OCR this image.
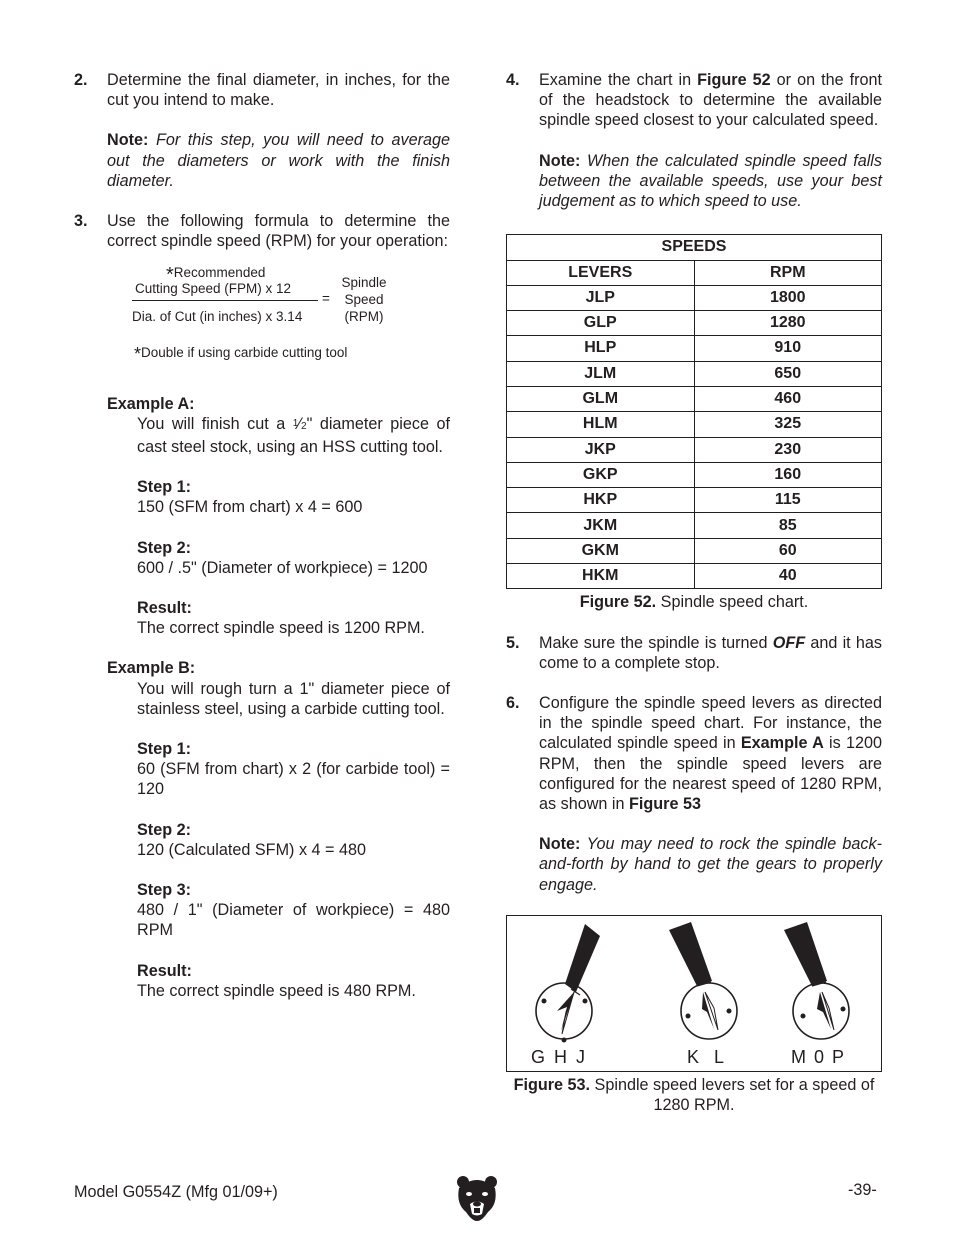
2. Determine the final diameter, in inches, for the cut you intend to make.

Note: For this step, you will need to average out the diameters or work with the finish diameter.

3. Use the following formula to determine the correct spindle speed (RPM) for your operation:

*Recommended
Cutting Speed (FPM) x 12
Dia. of Cut (in inches) x 3.14
=
Spindle
Speed
(RPM)
*Double if using carbide cutting tool

Example A:

You will finish cut a 1⁄2" diameter piece of cast steel stock, using an HSS cutting tool.

Step 1:

150 (SFM from chart) x 4 = 600

Step 2:

600 / .5" (Diameter of workpiece) = 1200

Result:

The correct spindle speed is 1200 RPM.

Example B:

You will rough turn a 1" diameter piece of stainless steel, using a carbide cutting tool.

Step 1:

60 (SFM from chart) x 2 (for carbide tool) = 120

Step 2:

120 (Calculated SFM) x 4 = 480

Step 3:

480 / 1" (Diameter of workpiece) = 480 RPM

Result:

The correct spindle speed is 480 RPM.

4. Examine the chart in Figure 52 or on the front of the headstock to determine the available spindle speed closest to your calculated speed.

Note: When the calculated spindle speed falls between the available speeds, use your best judgement as to which speed to use.

SPEEDS	
LEVERS	RPM
JLP	1800
GLP	1280
HLP	910
JLM	650
GLM	460
HLM	325
JKP	230
GKP	160
HKP	115
JKM	85
GKM	60
HKM	40

Figure 52. Spindle speed chart.

5. Make sure the spindle is turned OFF and it has come to a complete stop.

6. Configure the spindle speed levers as directed in the spindle speed chart. For instance, the calculated spindle speed in Example A is 1200 RPM, then the spindle speed levers are configured for the nearest speed of 1280 RPM, as shown in Figure 53

Note: You may need to rock the spindle back-and-forth by hand to get the gears to properly engage.

G H J	K   L	M 0 P

Figure 53. Spindle speed levers set for a speed of 1280 RPM.

Model G0554Z (Mfg 01/09+)	-39-
